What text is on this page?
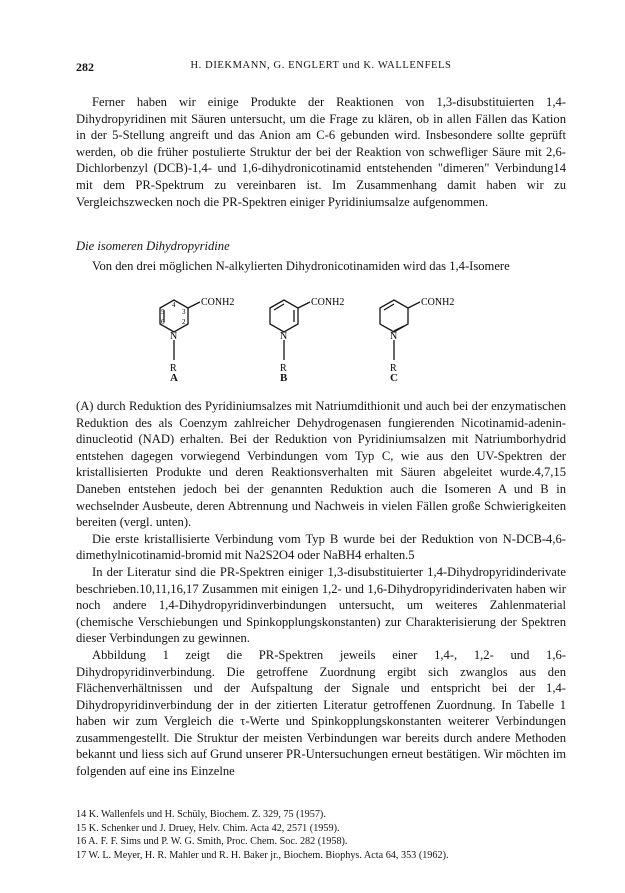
282	H. DIEKMANN, G. ENGLERT und K. WALLENFELS

Ferner haben wir einige Produkte der Reaktionen von 1,3-disubstituierten 1,4-Dihydropyridinen mit Säuren untersucht, um die Frage zu klären, ob in allen Fällen das Kation in der 5-Stellung angreift und das Anion am C-6 gebunden wird. Insbesondere sollte geprüft werden, ob die früher postulierte Struktur der bei der Reaktion von schwefliger Säure mit 2,6-Dichlorbenzyl (DCB)-1,4- und 1,6-dihydronicotinamid entstehenden "dimeren" Verbindung14 mit dem PR-Spektrum zu vereinbaren ist. Im Zusammenhang damit haben wir zu Vergleichszwecken noch die PR-Spektren einiger Pyridiniumsalze aufgenommen.

Die isomeren Dihydropyridine

Von den drei möglichen N-alkylierten Dihydronicotinamiden wird das 1,4-Isomere

CONH2
N
R
5
4
3
6	2
CONH2
N
R
CONH2
N
R
A	B	C

(A) durch Reduktion des Pyridiniumsalzes mit Natriumdithionit und auch bei der enzymatischen Reduktion des als Coenzym zahlreicher Dehydrogenasen fungierenden Nicotinamid-adenin-dinucleotid (NAD) erhalten. Bei der Reduktion von Pyridiniumsalzen mit Natriumborhydrid entstehen dagegen vorwiegend Verbindungen vom Typ C, wie aus den UV-Spektren der kristallisierten Produkte und deren Reaktionsverhalten mit Säuren abgeleitet wurde.4,7,15 Daneben entstehen jedoch bei der genannten Reduktion auch die Isomeren A und B in wechselnder Ausbeute, deren Abtrennung und Nachweis in vielen Fällen große Schwierigkeiten bereiten (vergl. unten).

Die erste kristallisierte Verbindung vom Typ B wurde bei der Reduktion von N-DCB-4,6-dimethylnicotinamid-bromid mit Na2S2O4 oder NaBH4 erhalten.5

In der Literatur sind die PR-Spektren einiger 1,3-disubstituierter 1,4-Dihydropyridinderivate beschrieben.10,11,16,17 Zusammen mit einigen 1,2- und 1,6-Dihydropyridinderivaten haben wir noch andere 1,4-Dihydropyridinverbindungen untersucht, um weiteres Zahlenmaterial (chemische Verschiebungen und Spinkopplungskonstanten) zur Charakterisierung der Spektren dieser Verbindungen zu gewinnen.

Abbildung 1 zeigt die PR-Spektren jeweils einer 1,4-, 1,2- und 1,6-Dihydropyridinverbindung. Die getroffene Zuordnung ergibt sich zwanglos aus den Flächenverhältnissen und der Aufspaltung der Signale und entspricht bei der 1,4-Dihydropyridinverbindung der in der zitierten Literatur getroffenen Zuordnung. In Tabelle 1 haben wir zum Vergleich die τ-Werte und Spinkopplungskonstanten weiterer Verbindungen zusammengestellt. Die Struktur der meisten Verbindungen war bereits durch andere Methoden bekannt und liess sich auf Grund unserer PR-Untersuchungen erneut bestätigen. Wir möchten im folgenden auf eine ins Einzelne

14 K. Wallenfels und H. Schüly, Biochem. Z. 329, 75 (1957).
15 K. Schenker und J. Druey, Helv. Chim. Acta 42, 2571 (1959).
16 A. F. F. Sims und P. W. G. Smith, Proc. Chem. Soc. 282 (1958).
17 W. L. Meyer, H. R. Mahler und R. H. Baker jr., Biochem. Biophys. Acta 64, 353 (1962).
